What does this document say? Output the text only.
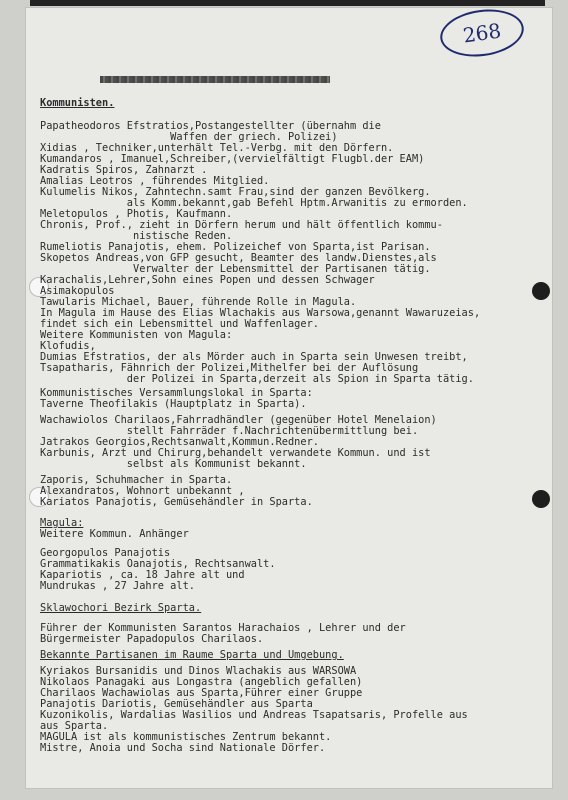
268
Kommunisten.
Papatheodoros Efstratios,Postangestellter (übernahm die
Waffen der griech. Polizei)
Xidias , Techniker,unterhält Tel.-Verbg. mit den Dörfern.
Kumandaros , Imanuel,Schreiber,(vervielfältigt Flugbl.der EAM)
Kadratis Spiros, Zahnarzt .
Amalias Leotros , führendes Mitglied.
Kulumelis Nikos, Zahntechn.samt Frau,sind der ganzen Bevölkerg.
als Komm.bekannt,gab Befehl Hptm.Arwanitis zu ermorden.
Meletopulos , Photis, Kaufmann.
Chronis, Prof., zieht in Dörfern herum und hält öffentlich kommu-
nistische Reden.
Rumeliotis Panajotis, ehem. Polizeichef von Sparta,ist Parisan.
Skopetos Andreas,von GFP gesucht, Beamter des landw.Dienstes,als
Verwalter der Lebensmittel der Partisanen tätig.
Karachalis,Lehrer,Sohn eines Popen und dessen Schwager
Asimakopulos
Tawularis Michael, Bauer, führende Rolle in Magula.
In Magula im Hause des Elias Wlachakis aus Warsowa,genannt Wawaruzeias,
findet sich ein Lebensmittel und Waffenlager.
Weitere Kommunisten von Magula:
Klofudis,
Dumias Efstratios, der als Mörder auch in Sparta sein Unwesen treibt,
Tsapatharis, Fähnrich der Polizei,Mithelfer bei der Auflösung
der Polizei in Sparta,derzeit als Spion in Sparta tätig.
Kommunistisches Versammlungslokal in Sparta:
Taverne Theofilakis (Hauptplatz in Sparta).
Wachawiolos Charilaos,Fahrradhändler (gegenüber Hotel Menelaion)
stellt Fahrräder f.Nachrichtenübermittlung bei.
Jatrakos Georgios,Rechtsanwalt,Kommun.Redner.
Karbunis, Arzt und Chirurg,behandelt verwandete Kommun. und ist
selbst als Kommunist bekannt.
Zaporis, Schuhmacher in Sparta.
Alexandratos, Wohnort unbekannt ,
Kariatos Panajotis, Gemüsehändler in Sparta.
Magula:
Weitere Kommun. Anhänger
Georgopulos Panajotis
Grammatikakis Oanajotis, Rechtsanwalt.
Kapariotis , ca. 18 Jahre alt und
Mundrukas , 27 Jahre alt.
Sklawochori Bezirk Sparta.
Führer der Kommunisten Sarantos Harachaios , Lehrer und der
Bürgermeister Papadopulos Charilaos.
Bekannte Partisanen im Raume Sparta und Umgebung.
Kyriakos Bursanidis und Dinos Wlachakis aus WARSOWA
Nikolaos Panagaki aus Longastra (angeblich gefallen)
Charilaos Wachawiolas aus Sparta,Führer einer Gruppe
Panajotis Dariotis, Gemüsehändler aus Sparta
Kuzonikolis, Wardalias Wasilios und Andreas Tsapatsaris, Profelle aus
aus Sparta.
MAGULA ist als kommunistisches Zentrum bekannt.
Mistre, Anoia und Socha sind Nationale Dörfer.
